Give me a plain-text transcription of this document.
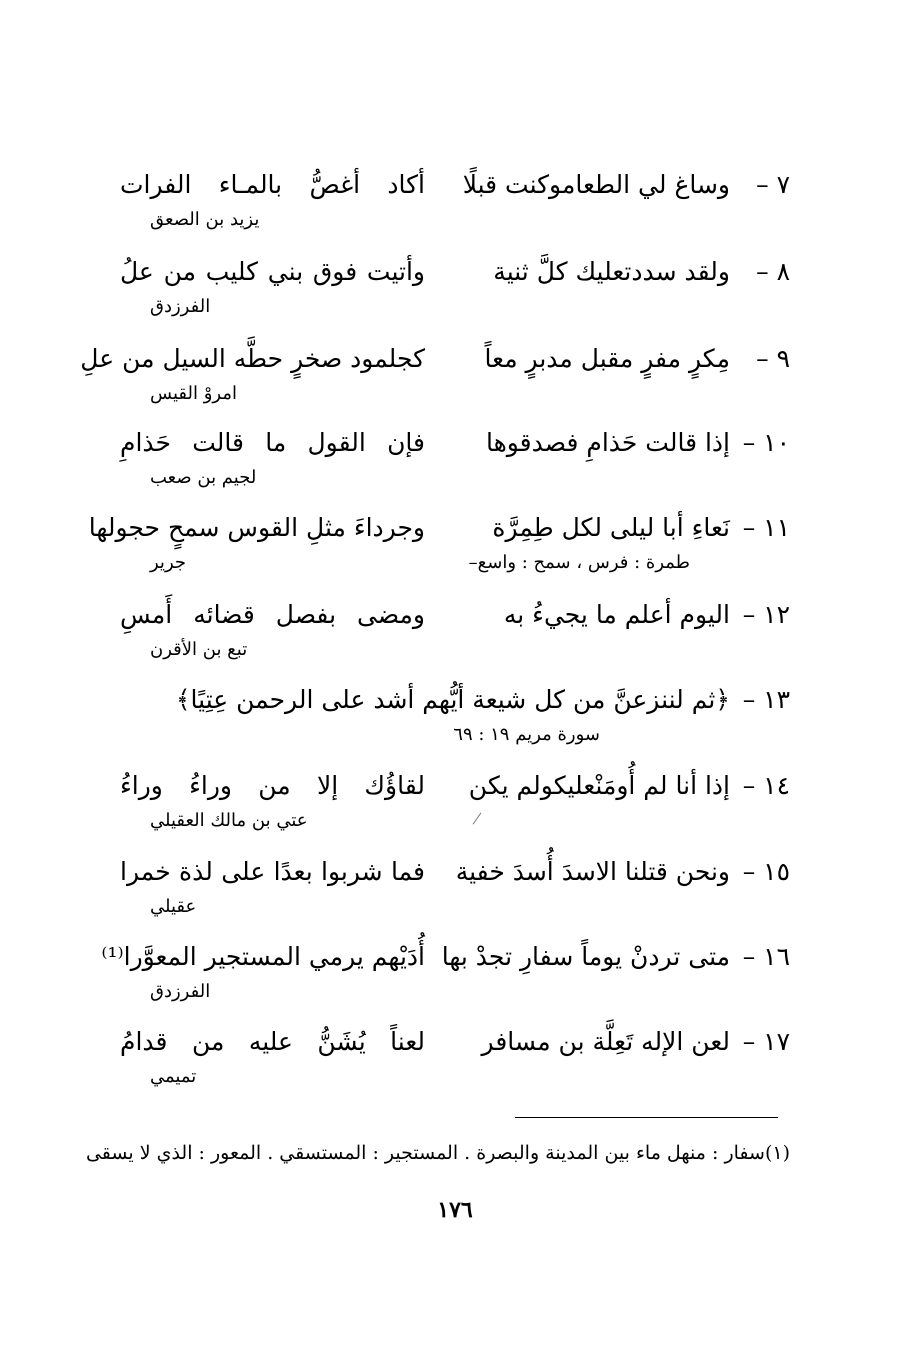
٧ –
وساغ لي الطعاموكنت قبلًا
أكاد أغصُّ بالمـاء الفرات
يزيد بن الصعق
٨ –
ولقد سددتعليك كلَّ ثنية
وأتيت فوق بني كليب من علُ
الفرزدق
٩ –
مِكرٍ مفرٍ مقبل مدبرٍ معاً
كجلمود صخرٍ حطَّه السيل من علِ
امروْ القيس
١٠ –
إذا قالت حَذامِ فصدقوها
فإن القول ما قالت حَذامِ
لجيم بن صعب
١١ –
نَعاءِ أبا ليلى لكل طِمِرَّة
وجرداءَ مثلِ القوس سمحٍ حجولها
طمرة : فرس ، سمح : واسع–
جرير
١٢ –
اليوم أعلم ما يجيءُ به
ومضى بفصل قضائه أَمسِ
تبع بن الأقرن
١٣ –
﴿ثم لننزعنَّ من كل شيعة أيُّهم أشد على الرحمن عِتِيًا﴾
سورة مريم ١٩ : ٦٩
١٤ –
إذا أنا لم أُومَنْعليكولم يكن
لقاؤُك إلا من وراءُ وراءُ
عتي بن مالك العقيلي
١٥ –
ونحن قتلنا الاسدَ أُسدَ خفية
فما شربوا بعدًا على لذة خمرا
عقيلي
١٦ –
متى تردنْ يوماً سفارِ تجدْ بها
أُدَيْهم يرمي المستجير المعوَّرا⁽¹⁾
الفرزدق
١٧ –
لعن الإله تَعِلَّة بن مسافر
لعناً يُشَنُّ عليه من قدامُ
تميمي
(١)سفار : منهل ماء بين المدينة والبصرة . المستجير : المستسقي . المعور : الذي لا يسقى
١٧٦
